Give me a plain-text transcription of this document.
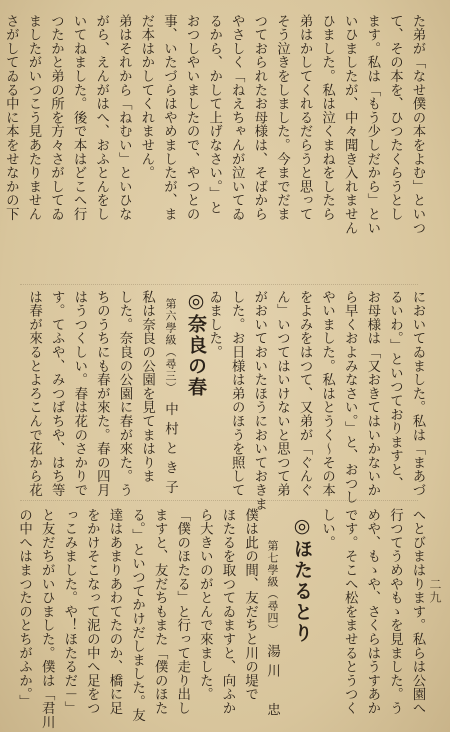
た弟が「なせ僕の本をよむ」といつ
て、その本を、ひつたくらうとし
ます。私は「もう少しだから」とい
いひましたが、中々聞き入れません
ひました。私は泣くまねをしたら
弟はかしてくれるだらうと思って
そう泣きをしました。今までだま
つておられたお母様は、そばから
やさしく「ねえちゃんが泣いてゐ
るから、かして上げなさい。」と
おつしやいましたので、やつとの
事、いたづらはやめましたが、ま
だ本はかしてくれません。
弟はそれから「ねむい」といひな
がら、えんがはへ、おふとんをし
いてねました。後で本はどこへ行
つたかと弟の所を方々さがしてゐ
ましたがいつこう見あたりません
さがしてゐる中に本をせなかの下
においてゐました。私は「まあづ
るいわ。」といつておりますと、
お母様は「又おきてはいかないか
ら早くおよみなさい。」と、おつし
やいました。私はとうく〜その本
をよみをはつて、又弟が「ぐんぐ
ん」いつてはいけないと思つて弟
がおいておいたほうにおいておきま
した。お日様は弟のほうを照して
ゐました。
◎奈良の春
第六學級（尋三）中村とき子
私は奈良の公園を見てまはりま
した。奈良の公園に春が來た。う
ちのうちにも春が來た。春の四月
はうつくしい。春は花のさかりで
す。てふや、みつばちや、はち等
は春が來るとよろこんで花から花
へとびまはります。私らは公園へ
行つてうめやもゝを見ました。う
めや、もゝや、さくらはうすあか
です。そこへ松をませるとうつく
しい。
◎ほたるとり
第七學級（尋四）湯川　忠
僕は此の間、友だちと川の堤で
ほたるを取つてゐますと、向ふか
ら大きいのがとんで來ました。
「僕のほたる」と行って走り出し
ますと、友だちもまた「僕のほた
る。」といつてかけだしました。友
達はあまりあわてたのか、橋に足
をかけそこなって泥の中へ足をつ
っこみました。や！ほたるだ－」
と友だちがいひました。僕は「君川
の中へはまつたのとちがふか。」	二九
